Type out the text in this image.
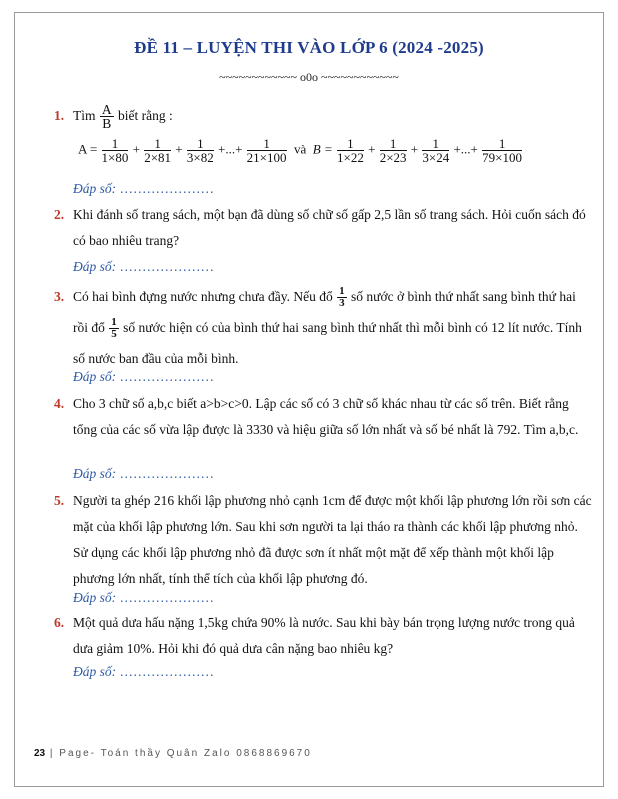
ĐỀ 11 – LUYỆN THI VÀO LỚP 6 (2024 -2025)
~~~~~~~~~~~~ o0o ~~~~~~~~~~~~
1. Tìm $\frac{A}{B}$ biết rằng :
$A = \frac{1}{1\times 80} + \frac{1}{2\times 81} + \frac{1}{3\times 82}$ +...+ $\frac{1}{21\times 100}$ và $B = \frac{1}{1\times 22} + \frac{1}{2\times 23} + \frac{1}{3\times 24}$ +...+ $\frac{1}{79\times 100}$
Đáp số: …………………
2. Khi đánh số trang sách, một bạn đã dùng số chữ số gấp 2,5 lần số trang sách. Hỏi cuốn sách đó có bao nhiêu trang?
Đáp số: …………………
3. Có hai bình đựng nước nhưng chưa đầy. Nếu đổ $\frac{1}{3}$ số nước ở bình thứ nhất sang bình thứ hai rồi đổ $\frac{1}{5}$ số nước hiện có của bình thứ hai sang bình thứ nhất thì mỗi bình có 12 lít nước. Tính số nước ban đầu của mỗi bình.
Đáp số: …………………
4. Cho 3 chữ số a,b,c biết a>b>c>0. Lập các số có 3 chữ số khác nhau từ các số trên. Biết rằng tổng của các số vừa lập được là 3330 và hiệu giữa số lớn nhất và số bé nhất là 792. Tìm a,b,c.
Đáp số: …………………
5. Người ta ghép 216 khối lập phương nhỏ cạnh 1cm để được một khối lập phương lớn rồi sơn các mặt của khối lập phương lớn. Sau khi sơn người ta lại tháo ra thành các khối lập phương nhỏ. Sử dụng các khối lập phương nhỏ đã được sơn ít nhất một mặt để xếp thành một khối lập phương lớn nhất, tính thể tích của khối lập phương đó.
Đáp số: …………………
6. Một quả dưa hấu nặng 1,5kg chứa 90% là nước. Sau khi bày bán trọng lượng nước trong quả dưa giảm 10%. Hỏi khi đó quả dưa cân nặng bao nhiêu kg?
Đáp số: …………………
23 | Page- Toán thầy Quân Zalo 0868869670
